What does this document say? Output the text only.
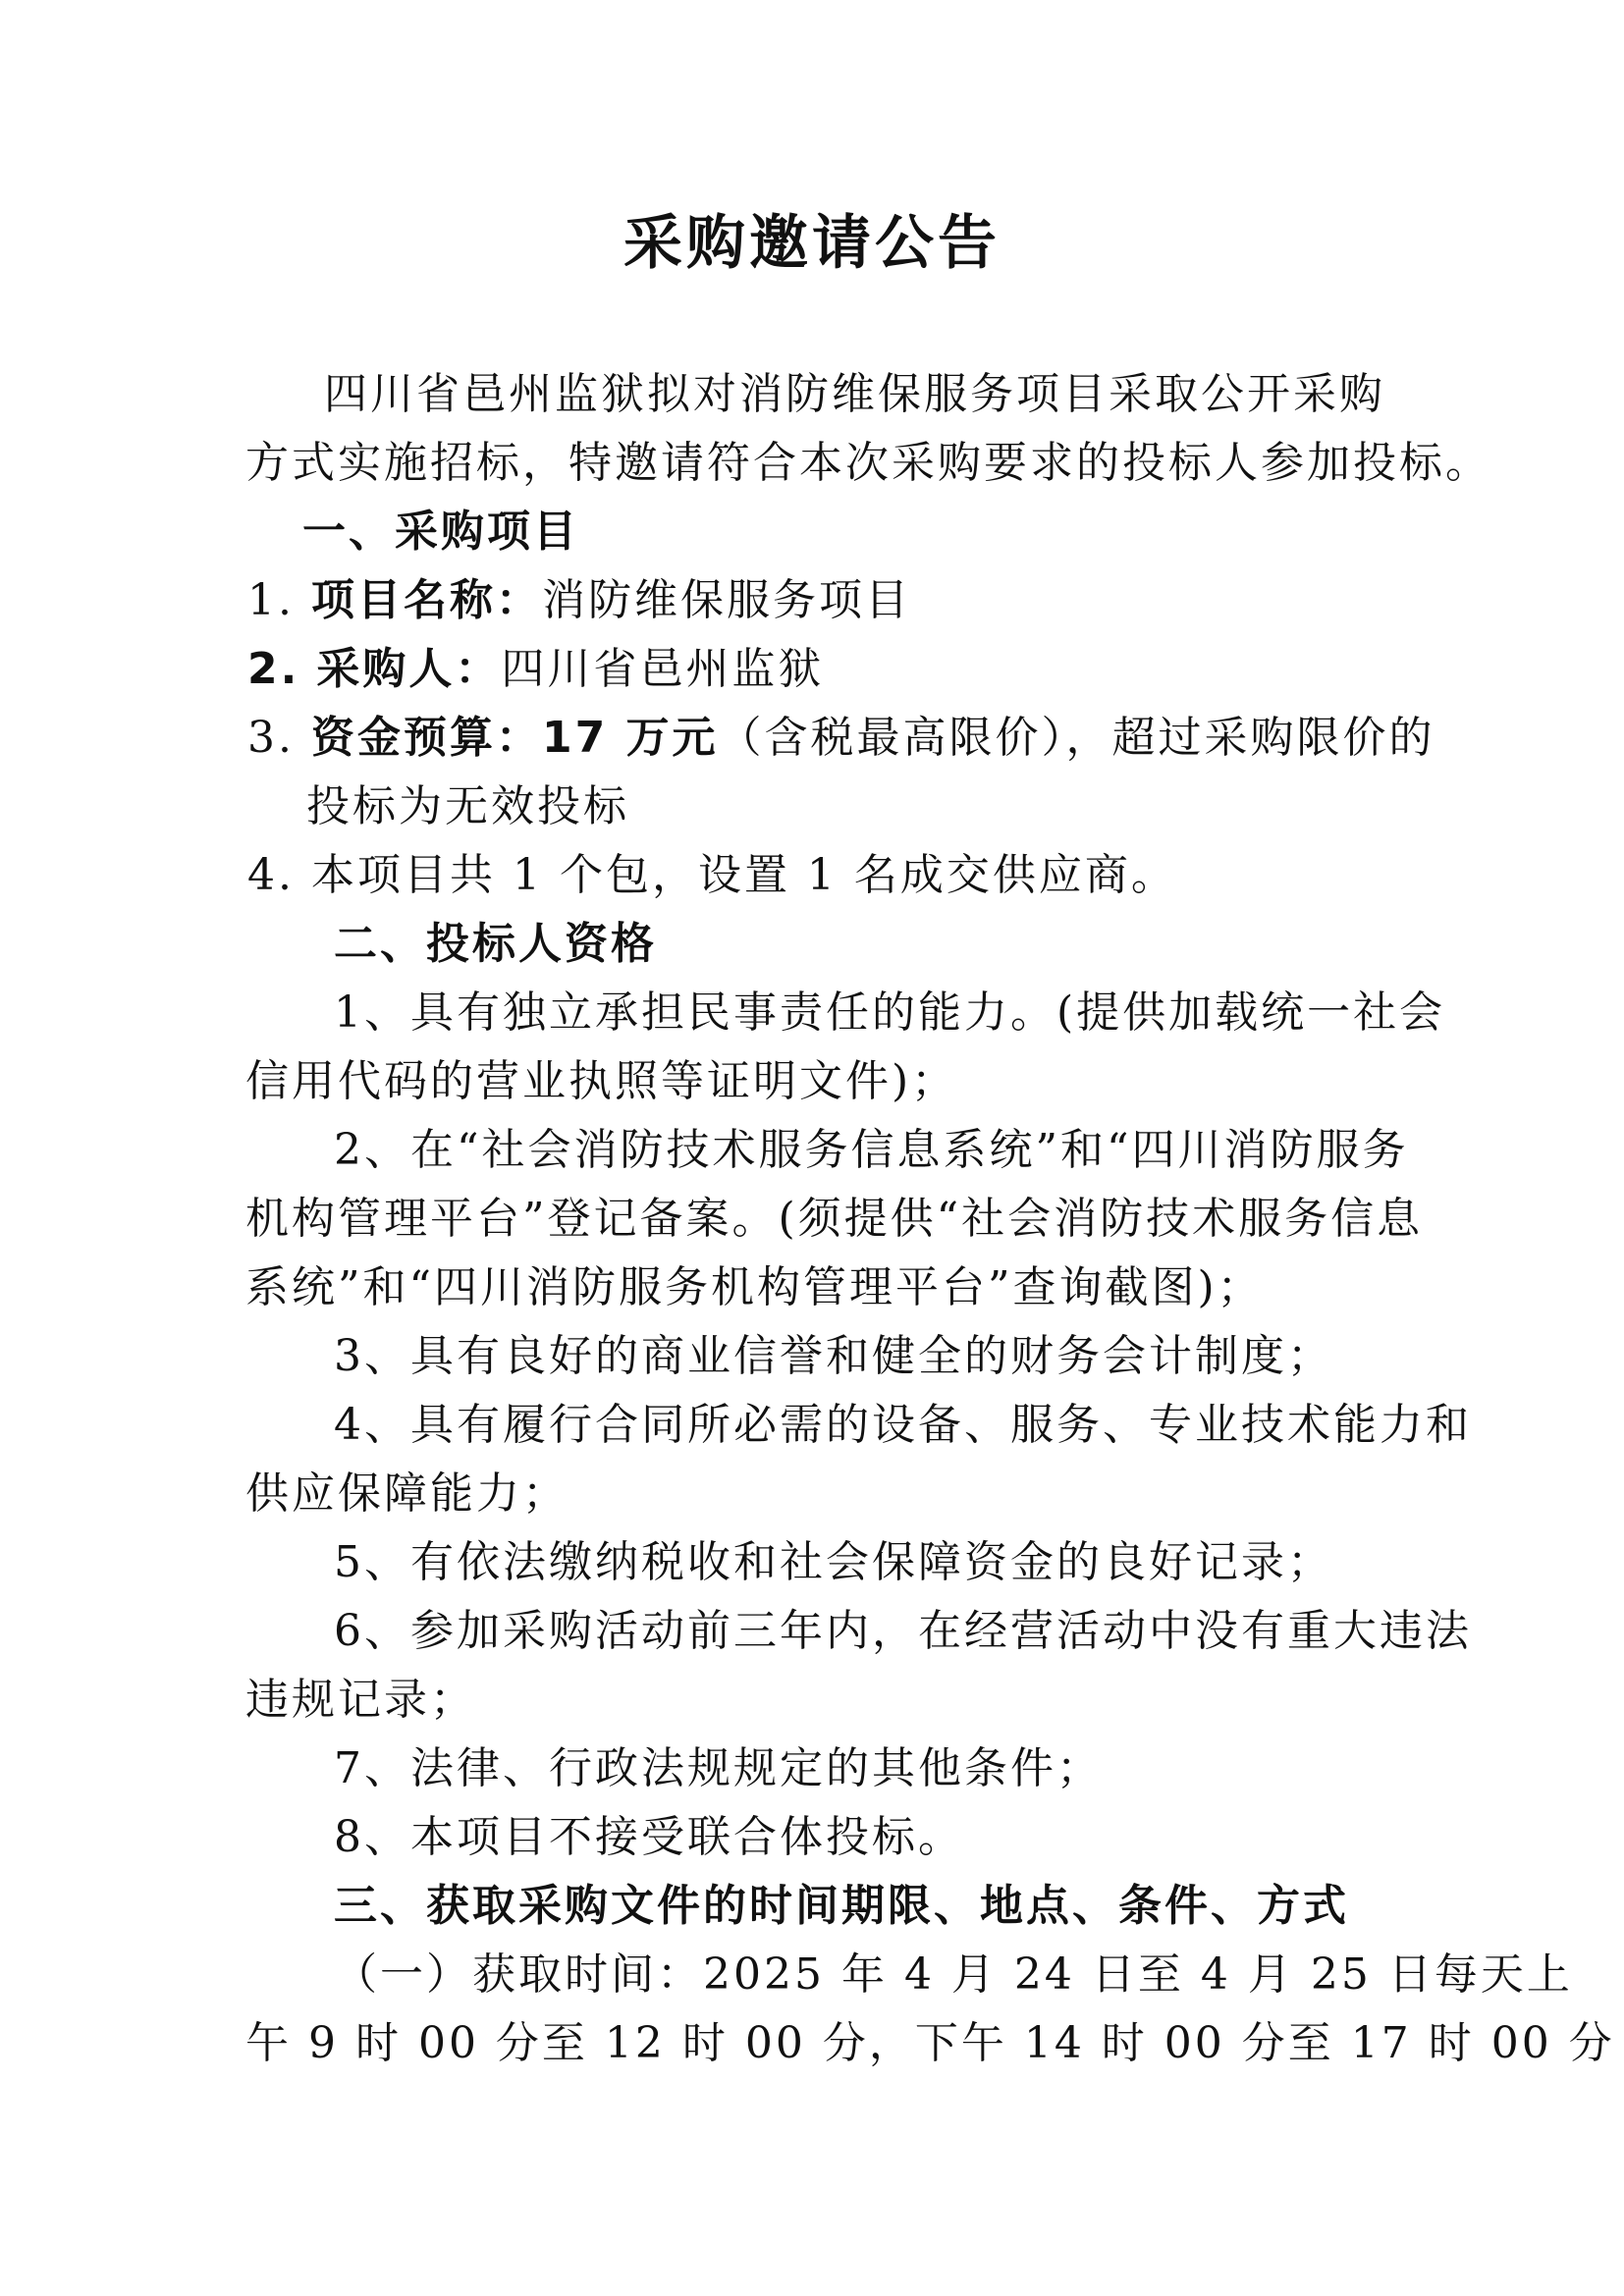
采购邀请公告
四川省邑州监狱拟对消防维保服务项目采取公开采购
方式实施招标，特邀请符合本次采购要求的投标人参加投标。
一、采购项目
1. 项目名称：消防维保服务项目
2. 采购人：四川省邑州监狱
3. 资金预算：17 万元（含税最高限价），超过采购限价的
投标为无效投标
4. 本项目共 1 个包，设置 1 名成交供应商。
二、投标人资格
1、具有独立承担民事责任的能力。(提供加载统一社会
信用代码的营业执照等证明文件)；
2、在“社会消防技术服务信息系统”和“四川消防服务
机构管理平台”登记备案。(须提供“社会消防技术服务信息
系统”和“四川消防服务机构管理平台”查询截图)；
3、具有良好的商业信誉和健全的财务会计制度；
4、具有履行合同所必需的设备、服务、专业技术能力和
供应保障能力；
5、有依法缴纳税收和社会保障资金的良好记录；
6、参加采购活动前三年内，在经营活动中没有重大违法
违规记录；
7、法律、行政法规规定的其他条件；
8、本项目不接受联合体投标。
三、获取采购文件的时间期限、地点、条件、方式
（一）获取时间：2025 年 4 月 24 日至 4 月 25 日每天上
午 9 时 00 分至 12 时 00 分，下午 14 时 00 分至 17 时 00 分
